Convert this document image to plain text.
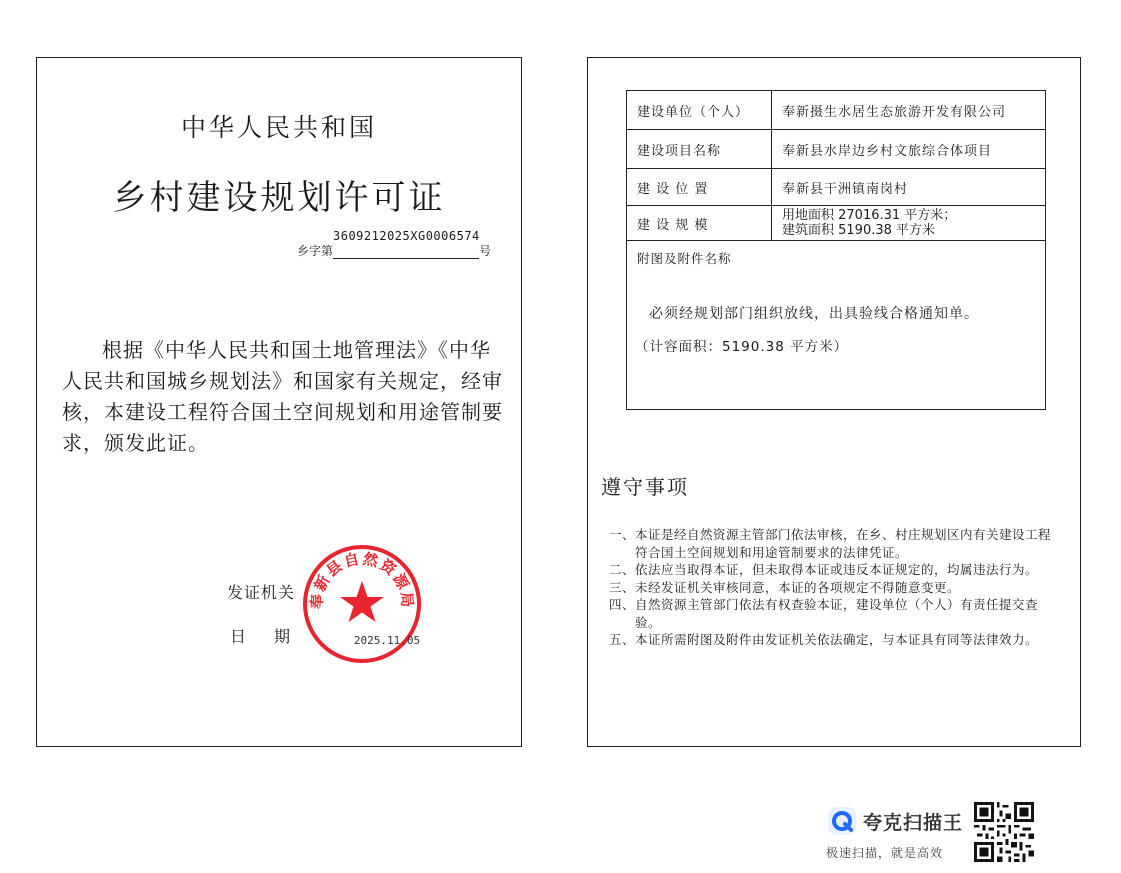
中华人民共和国
乡村建设规划许可证
3609212025XG0006574
乡字第	号

根据《中华人民共和国土地管理法》《中华人民共和国城乡规划法》和国家有关规定，经审核，本建设工程符合国土空间规划和用途管制要求，颁发此证。

发证机关
日期
奉新县自然资源局
2025.11.05
建设单位（个人）	奉新摄生水居生态旅游开发有限公司
建设项目名称	奉新县水岸边乡村文旅综合体项目
建 设 位 置	奉新县干洲镇南岗村
建 设 规 模	用地面积 27016.31 平方米；
建筑面积 5190.38 平方米

附图及附件名称
必须经规划部门组织放线，出具验线合格通知单。
（计容面积：5190.38 平方米）	
遵守事项
一、 本证是经自然资源主管部门依法审核，在乡、村庄规划区内有关建设工程符合国土空间规划和用途管制要求的法律凭证。
二、 依法应当取得本证，但未取得本证或违反本证规定的，均属违法行为。
三、 未经发证机关审核同意，本证的各项规定不得随意变更。
四、 自然资源主管部门依法有权查验本证，建设单位（个人）有责任提交查验。
五、 本证所需附图及附件由发证机关依法确定，与本证具有同等法律效力。
夸克扫描王
极速扫描，就是高效
